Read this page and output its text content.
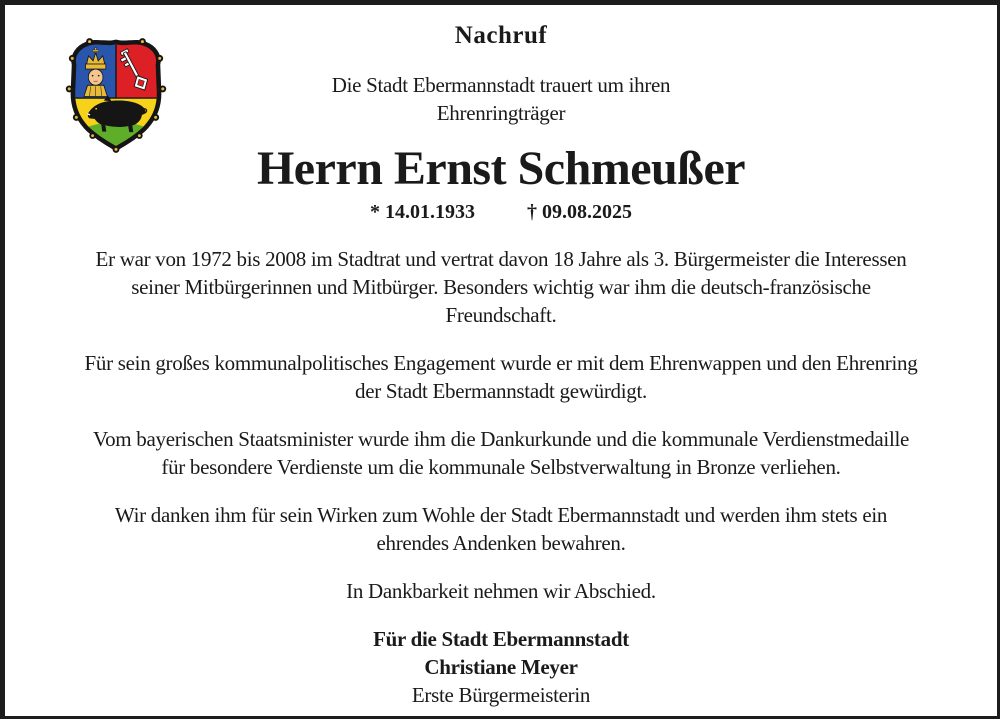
Nachruf
Die Stadt Ebermannstadt trauert um ihren
Ehrenringträger
Herrn Ernst Schmeußer
* 14.01.1933	† 09.08.2025
Er war von 1972 bis 2008 im Stadtrat und vertrat davon 18 Jahre als 3. Bürgermeister die Interessen
seiner Mitbürgerinnen und Mitbürger. Besonders wichtig war ihm die deutsch-französische
Freundschaft.
Für sein großes kommunalpolitisches Engagement wurde er mit dem Ehrenwappen und den Ehrenring
der Stadt Ebermannstadt gewürdigt.
Vom bayerischen Staatsminister wurde ihm die Dankurkunde und die kommunale Verdienstmedaille
für besondere Verdienste um die kommunale Selbstverwaltung in Bronze verliehen.
Wir danken ihm für sein Wirken zum Wohle der Stadt Ebermannstadt und werden ihm stets ein
ehrendes Andenken bewahren.
In Dankbarkeit nehmen wir Abschied.
Für die Stadt Ebermannstadt
Christiane Meyer
Erste Bürgermeisterin
